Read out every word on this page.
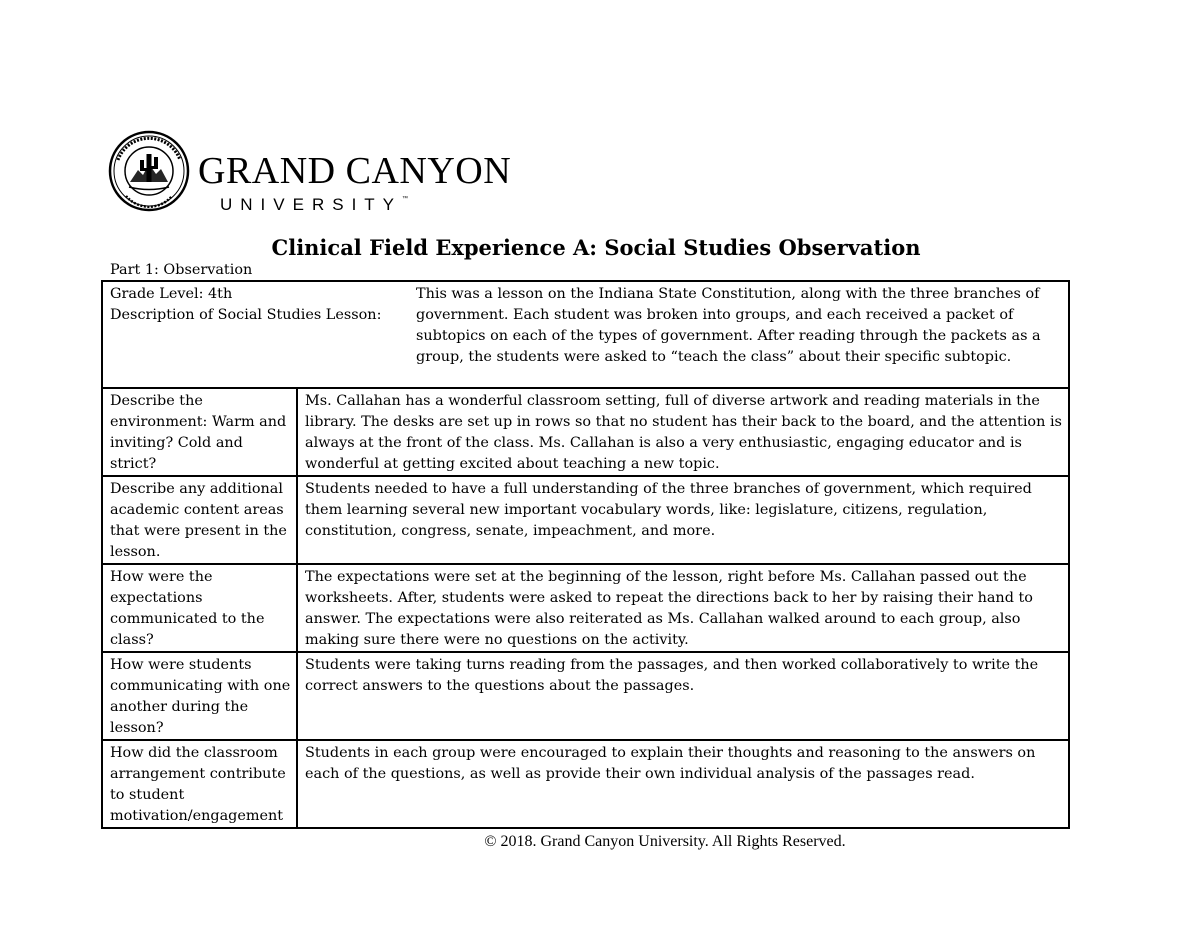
GRAND CANYON
UNIVERSITY™
Clinical Field Experience A: Social Studies Observation
Part 1: Observation
Grade Level: 4th
Description of Social Studies Lesson:
This was a lesson on the Indiana State Constitution, along with the three branches of government. Each student was broken into groups, and each received a packet of subtopics on each of the types of government. After reading through the packets as a group, the students were asked to “teach the class” about their specific subtopic.	

Describe the environment: Warm and inviting? Cold and strict?	Ms. Callahan has a wonderful classroom setting, full of diverse artwork and reading materials in the library. The desks are set up in rows so that no student has their back to the board, and the attention is always at the front of the class. Ms. Callahan is also a very enthusiastic, engaging educator and is wonderful at getting excited about teaching a new topic.
Describe any additional academic content areas that were present in the lesson.	Students needed to have a full understanding of the three branches of government, which required them learning several new important vocabulary words, like: legislature, citizens, regulation, constitution, congress, senate, impeachment, and more.
How were the expectations communicated to the class?	The expectations were set at the beginning of the lesson, right before Ms. Callahan passed out the worksheets. After, students were asked to repeat the directions back to her by raising their hand to answer. The expectations were also reiterated as Ms. Callahan walked around to each group, also making sure there were no questions on the activity.
How were students communicating with one another during the lesson?	Students were taking turns reading from the passages, and then worked collaboratively to write the correct answers to the questions about the passages.
How did the classroom arrangement contribute to student motivation/engagement	Students in each group were encouraged to explain their thoughts and reasoning to the answers on each of the questions, as well as provide their own individual analysis of the passages read.
© 2018. Grand Canyon University. All Rights Reserved.
